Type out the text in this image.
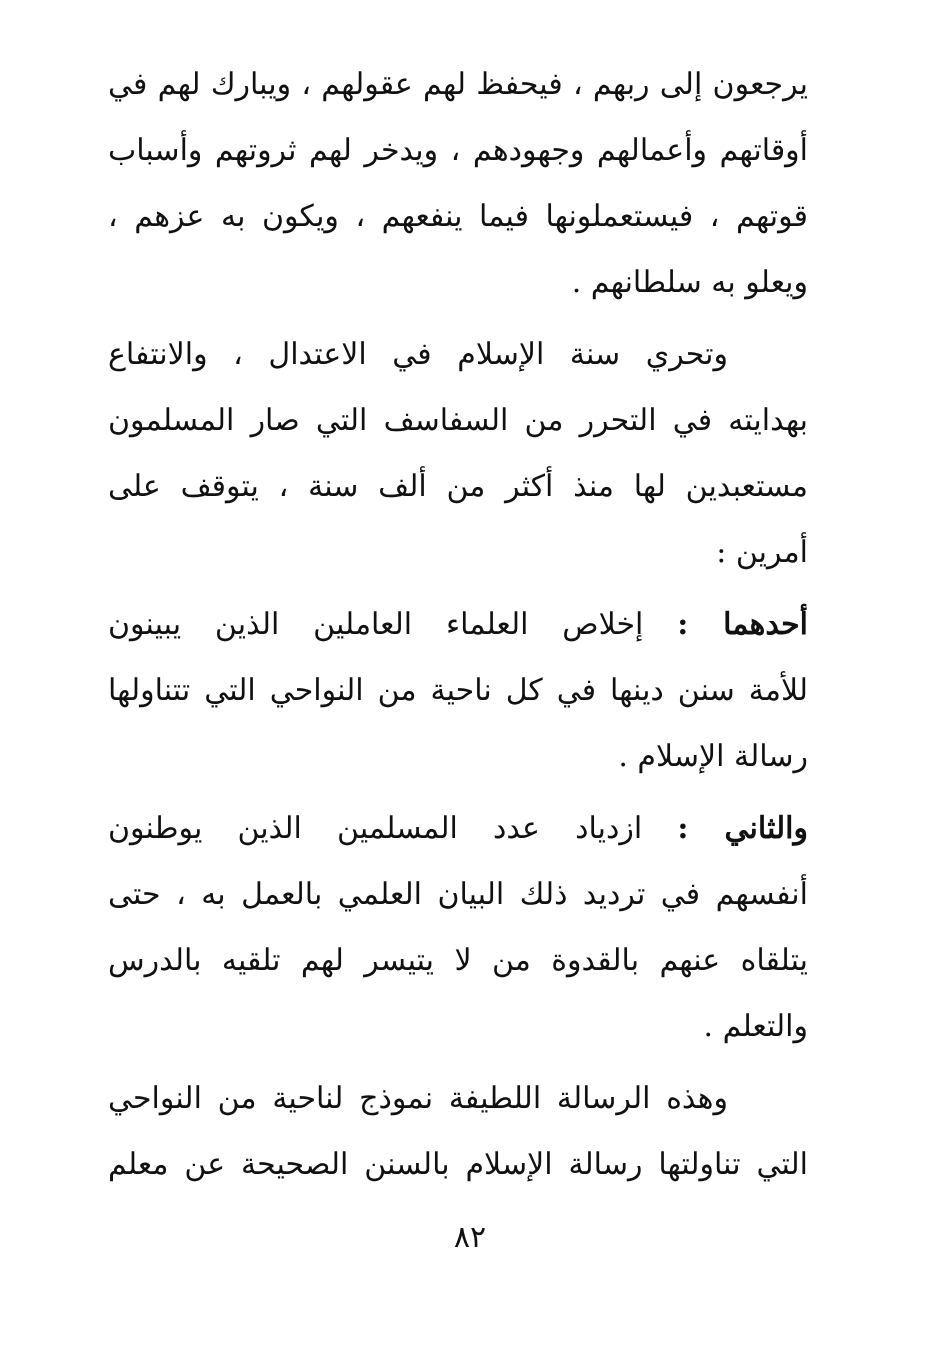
يرجعون إلى ربهم ، فيحفظ لهم عقولهم ، ويبارك لهم في
أوقاتهم وأعمالهم وجهودهم ، ويدخر لهم ثروتهم وأسباب
قوتهم ، فيستعملونها فيما ينفعهم ، ويكون به عزهم ،
ويعلو به سلطانهم .
وتحري سنة الإسلام في الاعتدال ، والانتفاع
بهدايته في التحرر من السفاسف التي صار المسلمون
مستعبدين لها منذ أكثر من ألف سنة ، يتوقف على
أمرين :
أحدهما : إخلاص العلماء العاملين الذين يبينون
للأمة سنن دينها في كل ناحية من النواحي التي تتناولها
رسالة الإسلام .
والثاني : ازدياد عدد المسلمين الذين يوطنون
أنفسهم في ترديد ذلك البيان العلمي بالعمل به ، حتى
يتلقاه عنهم بالقدوة من لا يتيسر لهم تلقيه بالدرس
والتعلم .
وهذه الرسالة اللطيفة نموذج لناحية من النواحي
التي تناولتها رسالة الإسلام بالسنن الصحيحة عن معلم
٨٢
